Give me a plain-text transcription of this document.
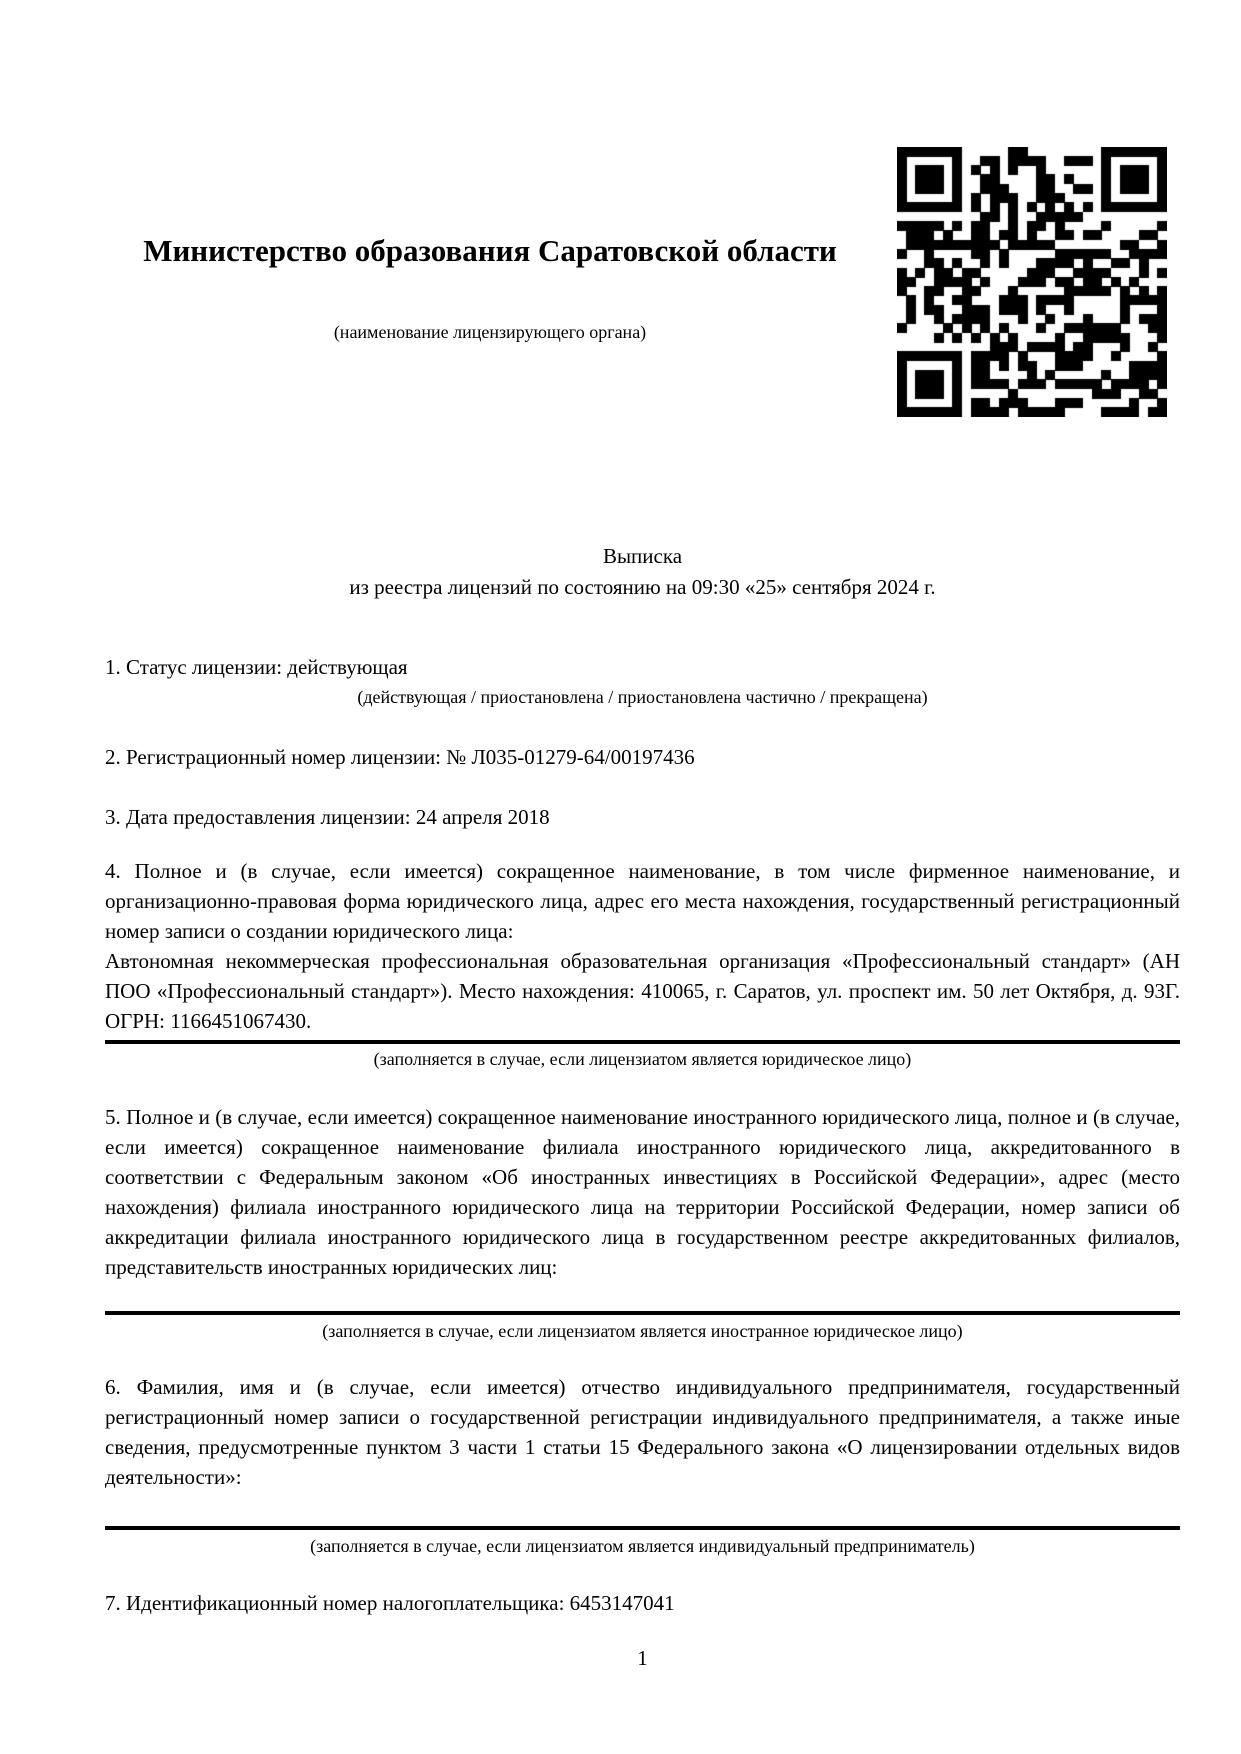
Министерство образования Саратовской области
(наименование лицензирующего органа)
Выписка
из реестра лицензий по состоянию на 09:30 «25» сентября 2024 г.
1. Статус лицензии: действующая
(действующая / приостановлена / приостановлена частично / прекращена)
2. Регистрационный номер лицензии: № Л035-01279-64/00197436
3. Дата предоставления лицензии: 24 апреля 2018

4. Полное и (в случае, если имеется) сокращенное наименование, в том числе фирменное наименование, и организационно-правовая форма юридического лица, адрес его места нахождения, государственный регистрационный номер записи о создании юридического лица:

Автономная некоммерческая профессиональная образовательная организация «Профессиональный стандарт» (АН ПОО «Профессиональный стандарт»). Место нахождения: 410065, г. Саратов, ул. проспект им. 50 лет Октября, д. 93Г. ОГРН: 1166451067430.

(заполняется в случае, если лицензиатом является юридическое лицо)
5. Полное и (в случае, если имеется) сокращенное наименование иностранного юридического лица, полное и (в случае, если имеется) сокращенное наименование филиала иностранного юридического лица, аккредитованного в соответствии с Федеральным законом «Об иностранных инвестициях в Российской Федерации», адрес (место нахождения) филиала иностранного юридического лица на территории Российской Федерации, номер записи об аккредитации филиала иностранного юридического лица в государственном реестре аккредитованных филиалов, представительств иностранных юридических лиц:
(заполняется в случае, если лицензиатом является иностранное юридическое лицо)
6. Фамилия, имя и (в случае, если имеется) отчество индивидуального предпринимателя, государственный регистрационный номер записи о государственной регистрации индивидуального предпринимателя, а также иные сведения, предусмотренные пунктом 3 части 1 статьи 15 Федерального закона «О лицензировании отдельных видов деятельности»:
(заполняется в случае, если лицензиатом является индивидуальный предприниматель)
7. Идентификационный номер налогоплательщика: 6453147041
1
